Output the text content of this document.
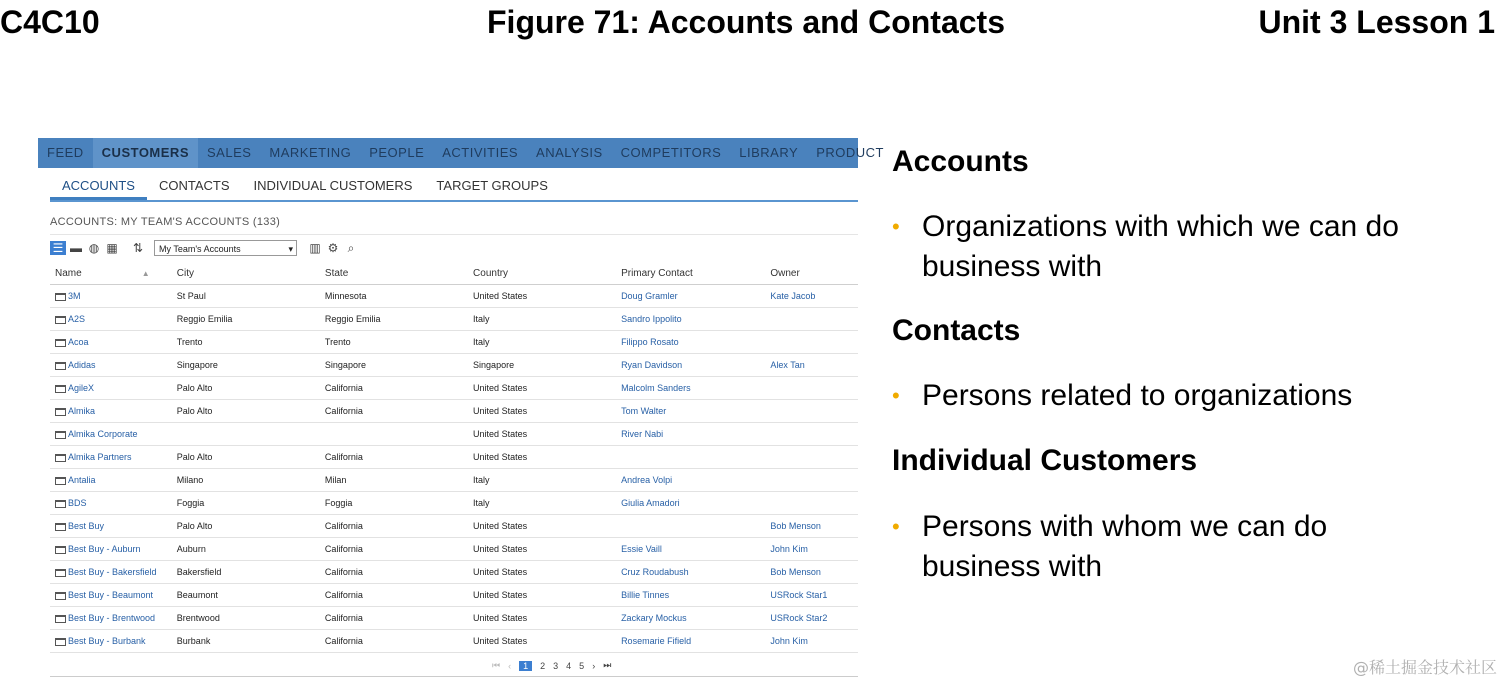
C4C10	Figure 71: Accounts and Contacts	Unit 3 Lesson 1
FEED	CUSTOMERS	SALES	MARKETING	PEOPLE	ACTIVITIES	ANALYSIS	COMPETITORS	LIBRARY	PRODUCT
ACCOUNTS	CONTACTS	INDIVIDUAL CUSTOMERS	TARGET GROUPS
ACCOUNTS: MY TEAM'S ACCOUNTS (133)
☰ ▬ ◍ ▦ ⇅	My Team's Accounts	▾ ▥ ⚙ ⌕
Name ▲	City	State	Country	Primary Contact	Owner
3M	St Paul	Minnesota	United States	Doug Gramler	Kate Jacob
A2S	Reggio Emilia	Reggio Emilia	Italy	Sandro Ippolito	
Acoa	Trento	Trento	Italy	Filippo Rosato	
Adidas	Singapore	Singapore	Singapore	Ryan Davidson	Alex Tan
AgileX	Palo Alto	California	United States	Malcolm Sanders	
Almika	Palo Alto	California	United States	Tom Walter	
Almika Corporate			United States	River Nabi	
Almika Partners	Palo Alto	California	United States		
Antalia	Milano	Milan	Italy	Andrea Volpi	
BDS	Foggia	Foggia	Italy	Giulia Amadori	
Best Buy	Palo Alto	California	United States		Bob Menson
Best Buy - Auburn	Auburn	California	United States	Essie Vaill	John Kim
Best Buy - Bakersfield	Bakersfield	California	United States	Cruz Roudabush	Bob Menson
Best Buy - Beaumont	Beaumont	California	United States	Billie Tinnes	USRock Star1
Best Buy - Brentwood	Brentwood	California	United States	Zackary Mockus	USRock Star2
Best Buy - Burbank	Burbank	California	United States	Rosemarie Fifield	John Kim
⏮ ‹	1	2 3 4 5 › ⏭
Accounts
• Organizations with which we can do business with
Contacts
• Persons related to organizations
Individual Customers
• Persons with whom we can do business with
@稀土掘金技术社区
